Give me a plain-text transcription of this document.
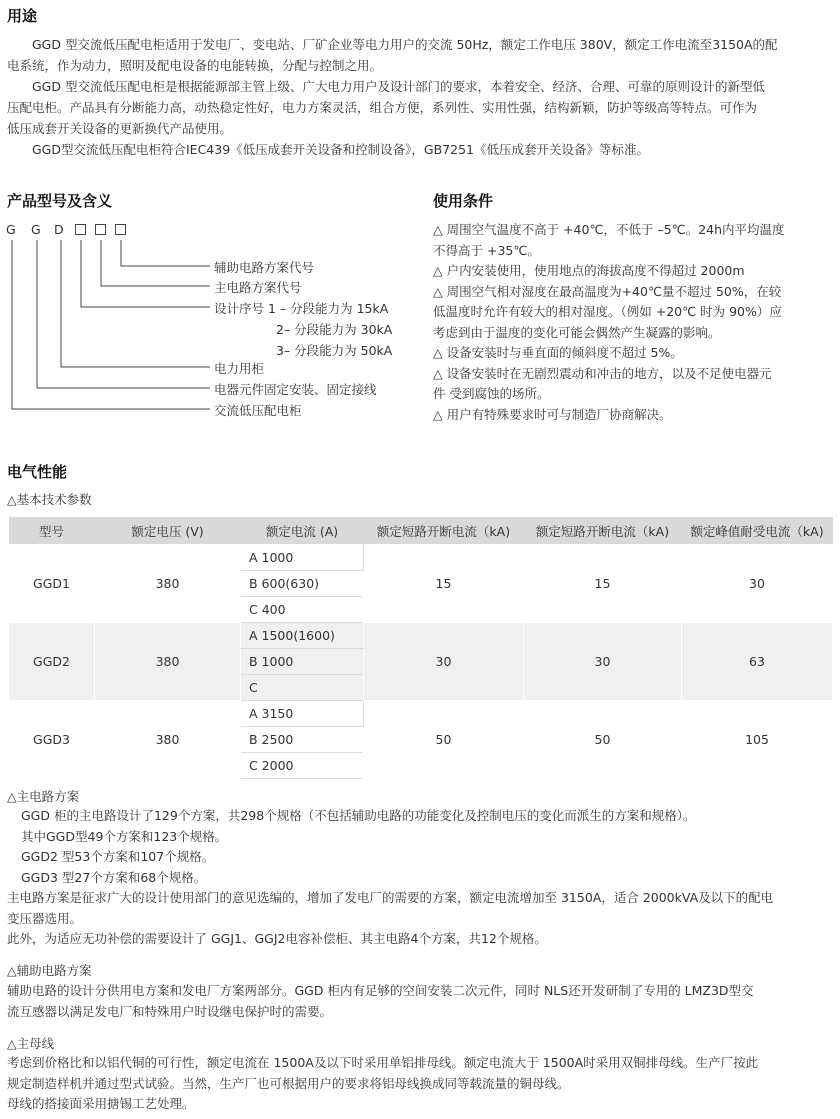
用途

GGD 型交流低压配电柜适用于发电厂、变电站、厂矿企业等电力用户的交流 50Hz，额定工作电压 380V，额定工作电流至3150A的配

电系统，作为动力，照明及配电设备的电能转换，分配与控制之用。

GGD 型交流低压配电柜是根据能源部主管上级、广大电力用户及设计部门的要求，本着安全、经济、合理、可靠的原则设计的新型低

压配电柜。产品具有分断能力高，动热稳定性好，电力方案灵活，组合方便，系列性、实用性强，结构新颖，防护等级高等特点。可作为

低压成套开关设备的更新换代产品使用。

GGD型交流低压配电柜符合IEC439《低压成套开关设备和控制设备》，GB7251《低压成套开关设备》等标准。

产品型号及含义
G G D
辅助电路方案代号
主电路方案代号
设计序号 1 – 分段能力为 15kA
2– 分段能力为 30kA
3– 分段能力为 50kA
电力用柜
电器元件固定安装、固定接线
交流低压配电柜
使用条件

△ 周围空气温度不高于 +40℃，不低于 –5℃。24h内平均温度

不得高于 +35℃。

△ 户内安装使用，使用地点的海拔高度不得超过 2000m

△ 周围空气相对湿度在最高温度为+40℃量不超过 50%，在较

低温度时允许有较大的相对湿度。（例如 +20℃ 时为 90%）应

考虑到由于温度的变化可能会偶然产生凝露的影响。

△ 设备安装时与垂直面的倾斜度不超过 5%。

△ 设备安装时在无剧烈震动和冲击的地方，以及不足使电器元

件 受到腐蚀的场所。

△ 用户有特殊要求时可与制造厂协商解决。

电气性能

△基本技术参数

型号	额定电压 (V)	额定电流 (A)	额定短路开断电流（kA)	额定短路开断电流（kA)	额定峰值耐受电流（kA)
GGD1	380	A 1000	15	15	30
		B 600(630)			
		C 400			
GGD2	380	A 1500(1600)	30	30	63
		B 1000			
		C			
GGD3	380	A 3150	50	50	105
		B 2500			
		C 2000			

△主电路方案

GGD 柜的主电路设计了129个方案，共298个规格（不包括辅助电路的功能变化及控制电压的变化而派生的方案和规格）。

其中GGD型49个方案和123个规格。

GGD2 型53个方案和107个规格。

GGD3 型27个方案和68个规格。

主电路方案是征求广大的设计使用部门的意见选编的，增加了发电厂的需要的方案，额定电流增加至 3150A，适合 2000kVA及以下的配电

变压器选用。

此外，为适应无功补偿的需要设计了 GGJ1、GGJ2电容补偿柜、其主电路4个方案，共12个规格。

△辅助电路方案

辅助电路的设计分供用电方案和发电厂方案两部分。GGD 柜内有足够的空间安装二次元件，同时 NLS还开发研制了专用的 LMZ3D型交

流互感器以满足发电厂和特殊用户时设继电保护时的需要。

△主母线

考虑到价格比和以铝代铜的可行性，额定电流在 1500A及以下时采用单铝排母线。额定电流大于 1500A时采用双铜排母线。生产厂按此

规定制造样机并通过型式试验。当然，生产厂也可根据用户的要求将铝母线换成同等载流量的铜母线。

母线的搭接面采用搪锡工艺处理。
